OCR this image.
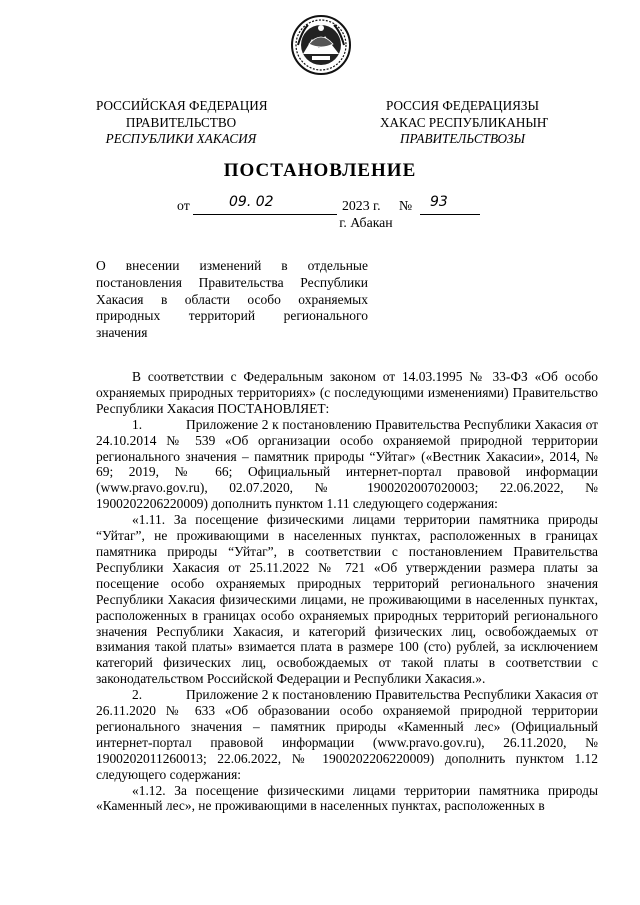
РОССИЙСКАЯ ФЕДЕРАЦИЯ
ПРАВИТЕЛЬСТВО
РЕСПУБЛИКИ ХАКАСИЯ
РОССИЯ ФЕДЕРАЦИЯЗЫ
ХАКАС РЕСПУБЛИКАНЫҤ
ПРАВИТЕЛЬСТВОЗЫ
ПОСТАНОВЛЕНИЕ
от	09. 02	2023 г. № 93
г. Абакан
О внесении изменений в отдельные постановления Правительства Республики Хакасия в области особо охраняемых природных территорий регионального значения

В соответствии с Федеральным законом от 14.03.1995 № 33-ФЗ «Об особо охраняемых природных территориях» (с последующими изменениями) Правительство Республики Хакасия ПОСТАНОВЛЯЕТ:

1.	Приложение 2 к постановлению Правительства Республики Хакасия от 24.10.2014 № 539 «Об организации особо охраняемой природной территории регионального значения – памятник природы “Уйтаг» («Вестник Хакасии», 2014, № 69; 2019, № 66; Официальный интернет-портал правовой информации (www.pravo.gov.ru), 02.07.2020, № 1900202007020003; 22.06.2022, № 1900202206220009) дополнить пунктом 1.11 следующего содержания:

«1.11. За посещение физическими лицами территории памятника природы “Уйтаг”, не проживающими в населенных пунктах, расположенных в границах памятника природы “Уйтаг”, в соответствии с постановлением Правительства Республики Хакасия от 25.11.2022 № 721 «Об утверждении размера платы за посещение особо охраняемых природных территорий регионального значения Республики Хакасия физическими лицами, не проживающими в населенных пунктах, расположенных в границах особо охраняемых природных территорий регионального значения Республики Хакасия, и категорий физических лиц, освобождаемых от взимания такой платы» взимается плата в размере 100 (сто) рублей, за исключением категорий физических лиц, освобождаемых от такой платы в соответствии с законодательством Российской Федерации и Республики Хакасия.».

2.	Приложение 2 к постановлению Правительства Республики Хакасия от 26.11.2020 № 633 «Об образовании особо охраняемой природной территории регионального значения – памятник природы «Каменный лес» (Официальный интернет-портал правовой информации (www.pravo.gov.ru), 26.11.2020, № 1900202011260013; 22.06.2022, № 1900202206220009) дополнить пунктом 1.12 следующего содержания:

«1.12. За посещение физическими лицами территории памятника природы «Каменный лес», не проживающими в населенных пунктах, расположенных в
